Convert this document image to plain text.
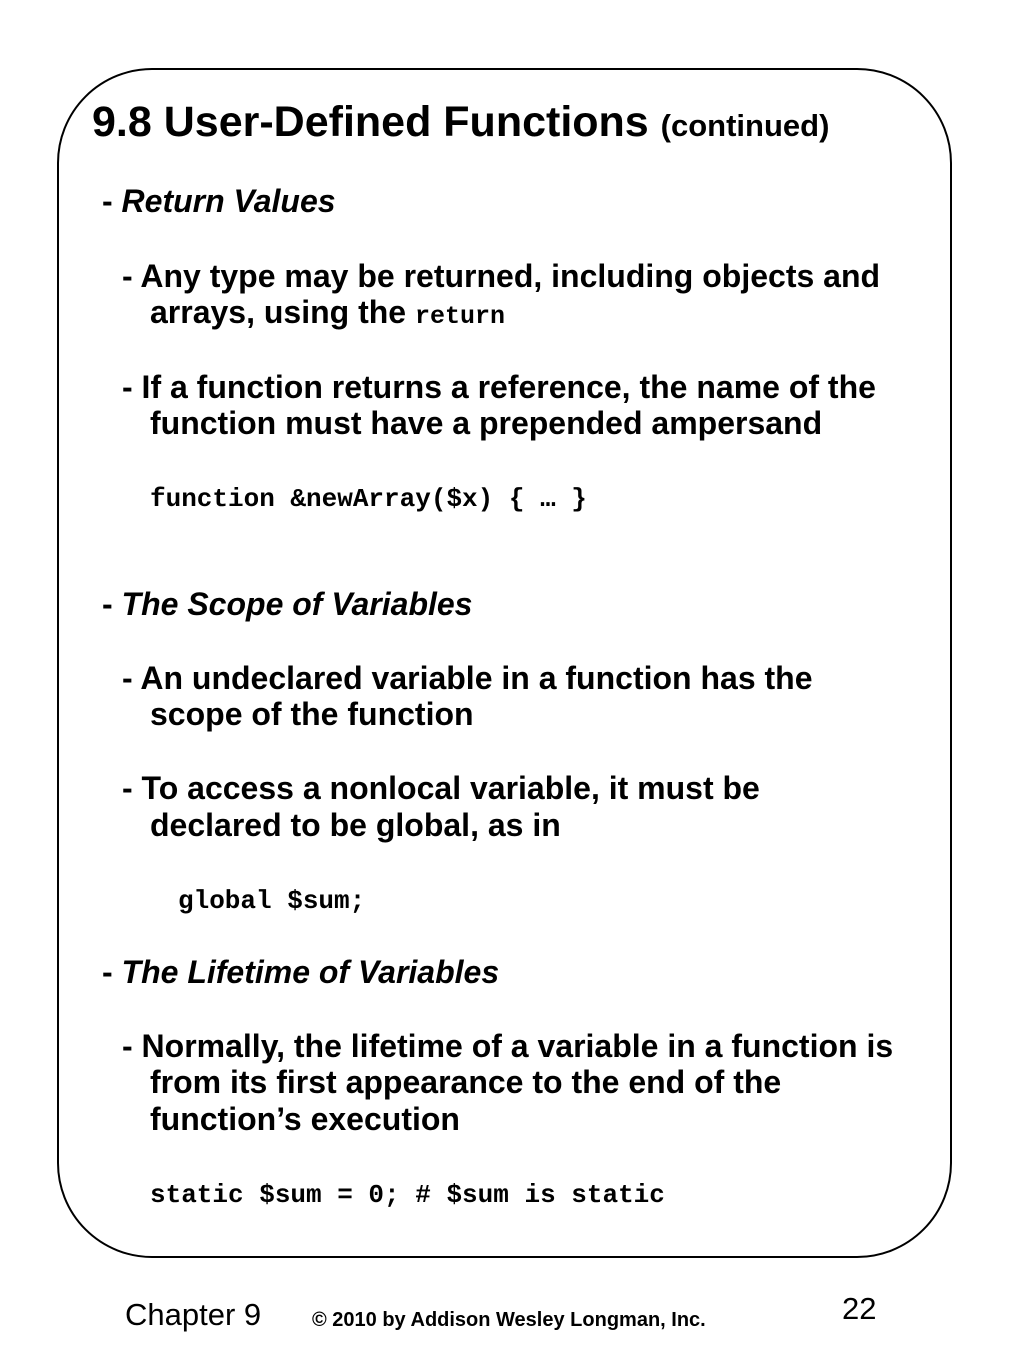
9.8 User-Defined Functions (continued)
- Return Values
- Any type may be returned, including objects and
arrays, using the return
- If a function returns a reference, the name of the
function must have a prepended ampersand
function &newArray($x) { … }
- The Scope of Variables
- An undeclared variable in a function has the
scope of the function
- To access a nonlocal variable, it must be
declared to be global, as in
global $sum;
- The Lifetime of Variables
- Normally, the lifetime of a variable in a function is
from its first appearance to the end of the
function’s execution
static $sum = 0; # $sum is static
Chapter 9	© 2010 by Addison Wesley Longman, Inc.	22
